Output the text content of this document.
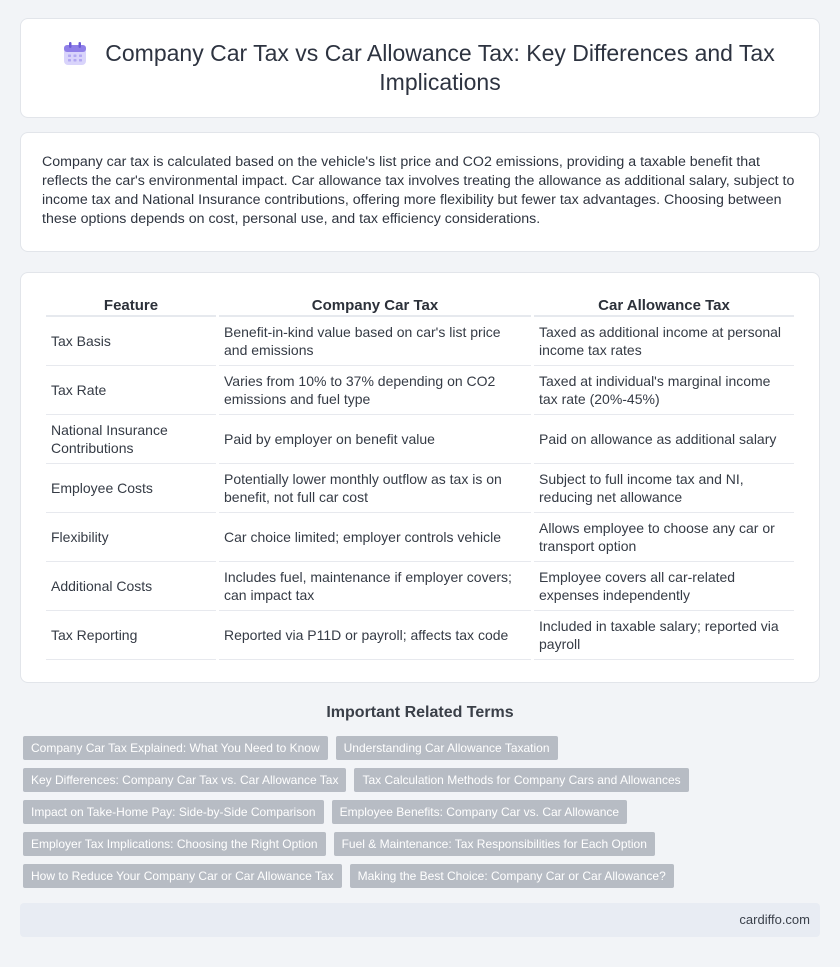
Company Car Tax vs Car Allowance Tax: Key Differences and Tax Implications

Company car tax is calculated based on the vehicle's list price and CO2 emissions, providing a taxable benefit that reflects the car's environmental impact. Car allowance tax involves treating the allowance as additional salary, subject to income tax and National Insurance contributions, offering more flexibility but fewer tax advantages. Choosing between these options depends on cost, personal use, and tax efficiency considerations.

Feature	Company Car Tax	Car Allowance Tax
Tax Basis	Benefit-in-kind value based on car's list price and emissions	Taxed as additional income at personal income tax rates
Tax Rate	Varies from 10% to 37% depending on CO2 emissions and fuel type	Taxed at individual's marginal income tax rate (20%-45%)
National Insurance Contributions	Paid by employer on benefit value	Paid on allowance as additional salary
Employee Costs	Potentially lower monthly outflow as tax is on benefit, not full car cost	Subject to full income tax and NI, reducing net allowance
Flexibility	Car choice limited; employer controls vehicle	Allows employee to choose any car or transport option
Additional Costs	Includes fuel, maintenance if employer covers; can impact tax	Employee covers all car-related expenses independently
Tax Reporting	Reported via P11D or payroll; affects tax code	Included in taxable salary; reported via payroll
Important Related Terms
Company Car Tax Explained: What You Need to Know	Understanding Car Allowance Taxation
Key Differences: Company Car Tax vs. Car Allowance Tax	Tax Calculation Methods for Company Cars and Allowances
Impact on Take-Home Pay: Side-by-Side Comparison	Employee Benefits: Company Car vs. Car Allowance
Employer Tax Implications: Choosing the Right Option	Fuel & Maintenance: Tax Responsibilities for Each Option
How to Reduce Your Company Car or Car Allowance Tax	Making the Best Choice: Company Car or Car Allowance?
cardiffo.com
